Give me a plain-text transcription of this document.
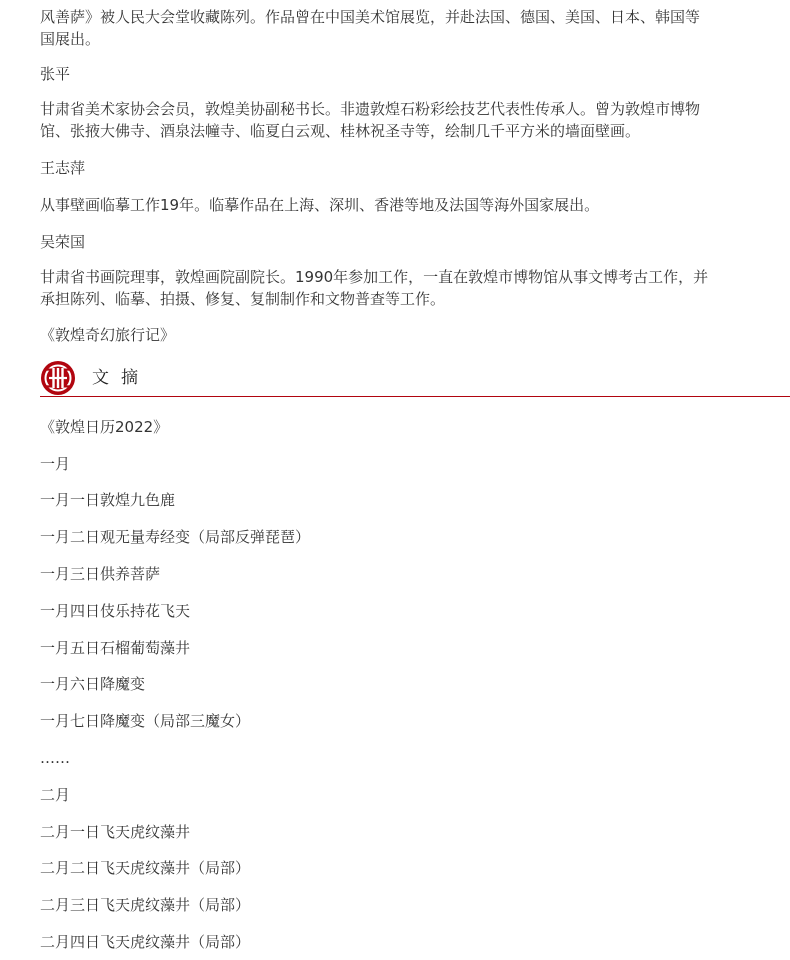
风善萨》被人民大会堂收藏陈列。作品曾在中国美术馆展览，并赴法国、德国、美国、日本、韩国等
国展出。
张平
甘肃省美术家协会会员，敦煌美协副秘书长。非遗敦煌石粉彩绘技艺代表性传承人。曾为敦煌市博物
馆、张掖大佛寺、酒泉法幢寺、临夏白云观、桂林祝圣寺等，绘制几千平方米的墙面壁画。
王志萍
从事壁画临摹工作19年。临摹作品在上海、深圳、香港等地及法国等海外国家展出。
吴荣国
甘肃省书画院理事，敦煌画院副院长。1990年参加工作，一直在敦煌市博物馆从事文博考古工作，并
承担陈列、临摹、拍摄、修复、复制制作和文物普查等工作。
《敦煌奇幻旅行记》
文摘
《敦煌日历2022》
一月
一月一日敦煌九色鹿
一月二日观无量寿经变（局部反弹琵琶）
一月三日供养菩萨
一月四日伎乐持花飞天
一月五日石榴葡萄藻井
一月六日降魔变
一月七日降魔变（局部三魔女）
……
二月
二月一日飞天虎纹藻井
二月二日飞天虎纹藻井（局部）
二月三日飞天虎纹藻井（局部）
二月四日飞天虎纹藻井（局部）
